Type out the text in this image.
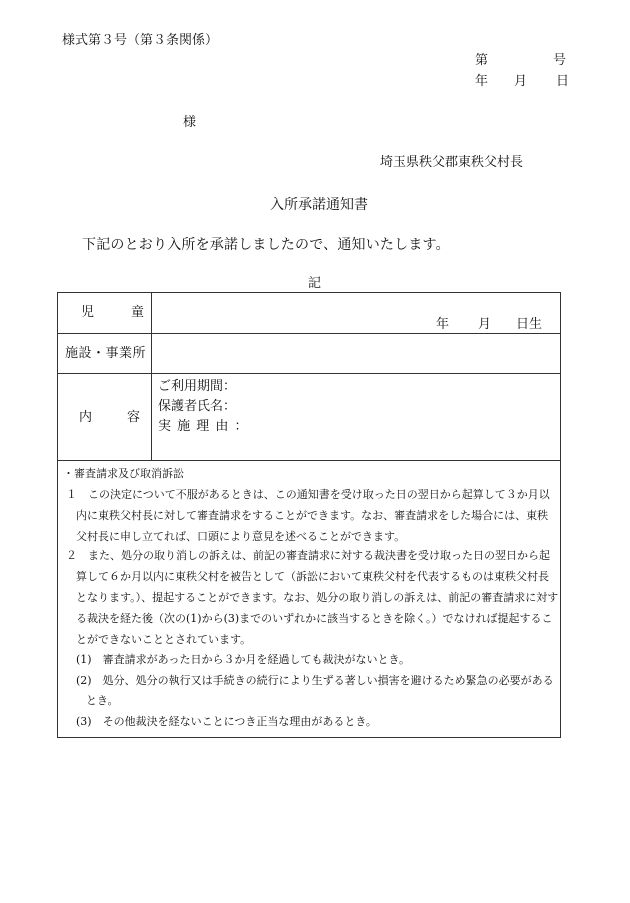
様式第３号（第３条関係）
第	号
年 月 日
様
埼玉県秩父郡東秩父村長
入所承諾通知書
下記のとおり入所を承諾しましたので、通知いたします。
記
児　童
年 月 日生
施設・事業所
内　容
ご利用期間：
保護者氏名：
実 施 理 由 ：
・審査請求及び取消訴訟
１　この決定について不服があるときは、この通知書を受け取った日の翌日から起算して３か月以
内に東秩父村長に対して審査請求をすることができます。なお、審査請求をした場合には、東秩
父村長に申し立てれば、口頭により意見を述べることができます。
２　また、処分の取り消しの訴えは、前記の審査請求に対する裁決書を受け取った日の翌日から起
算して６か月以内に東秩父村を被告として（訴訟において東秩父村を代表するものは東秩父村長
となります。）、提起することができます。なお、処分の取り消しの訴えは、前記の審査請求に対す
る裁決を経た後（次の(1)から(3)までのいずれかに該当するときを除く。）でなければ提起するこ
とができないこととされています。
(1)　審査請求があった日から３か月を経過しても裁決がないとき。
(2)　処分、処分の執行又は手続きの続行により生ずる著しい損害を避けるため緊急の必要がある
とき。
(3)　その他裁決を経ないことにつき正当な理由があるとき。
